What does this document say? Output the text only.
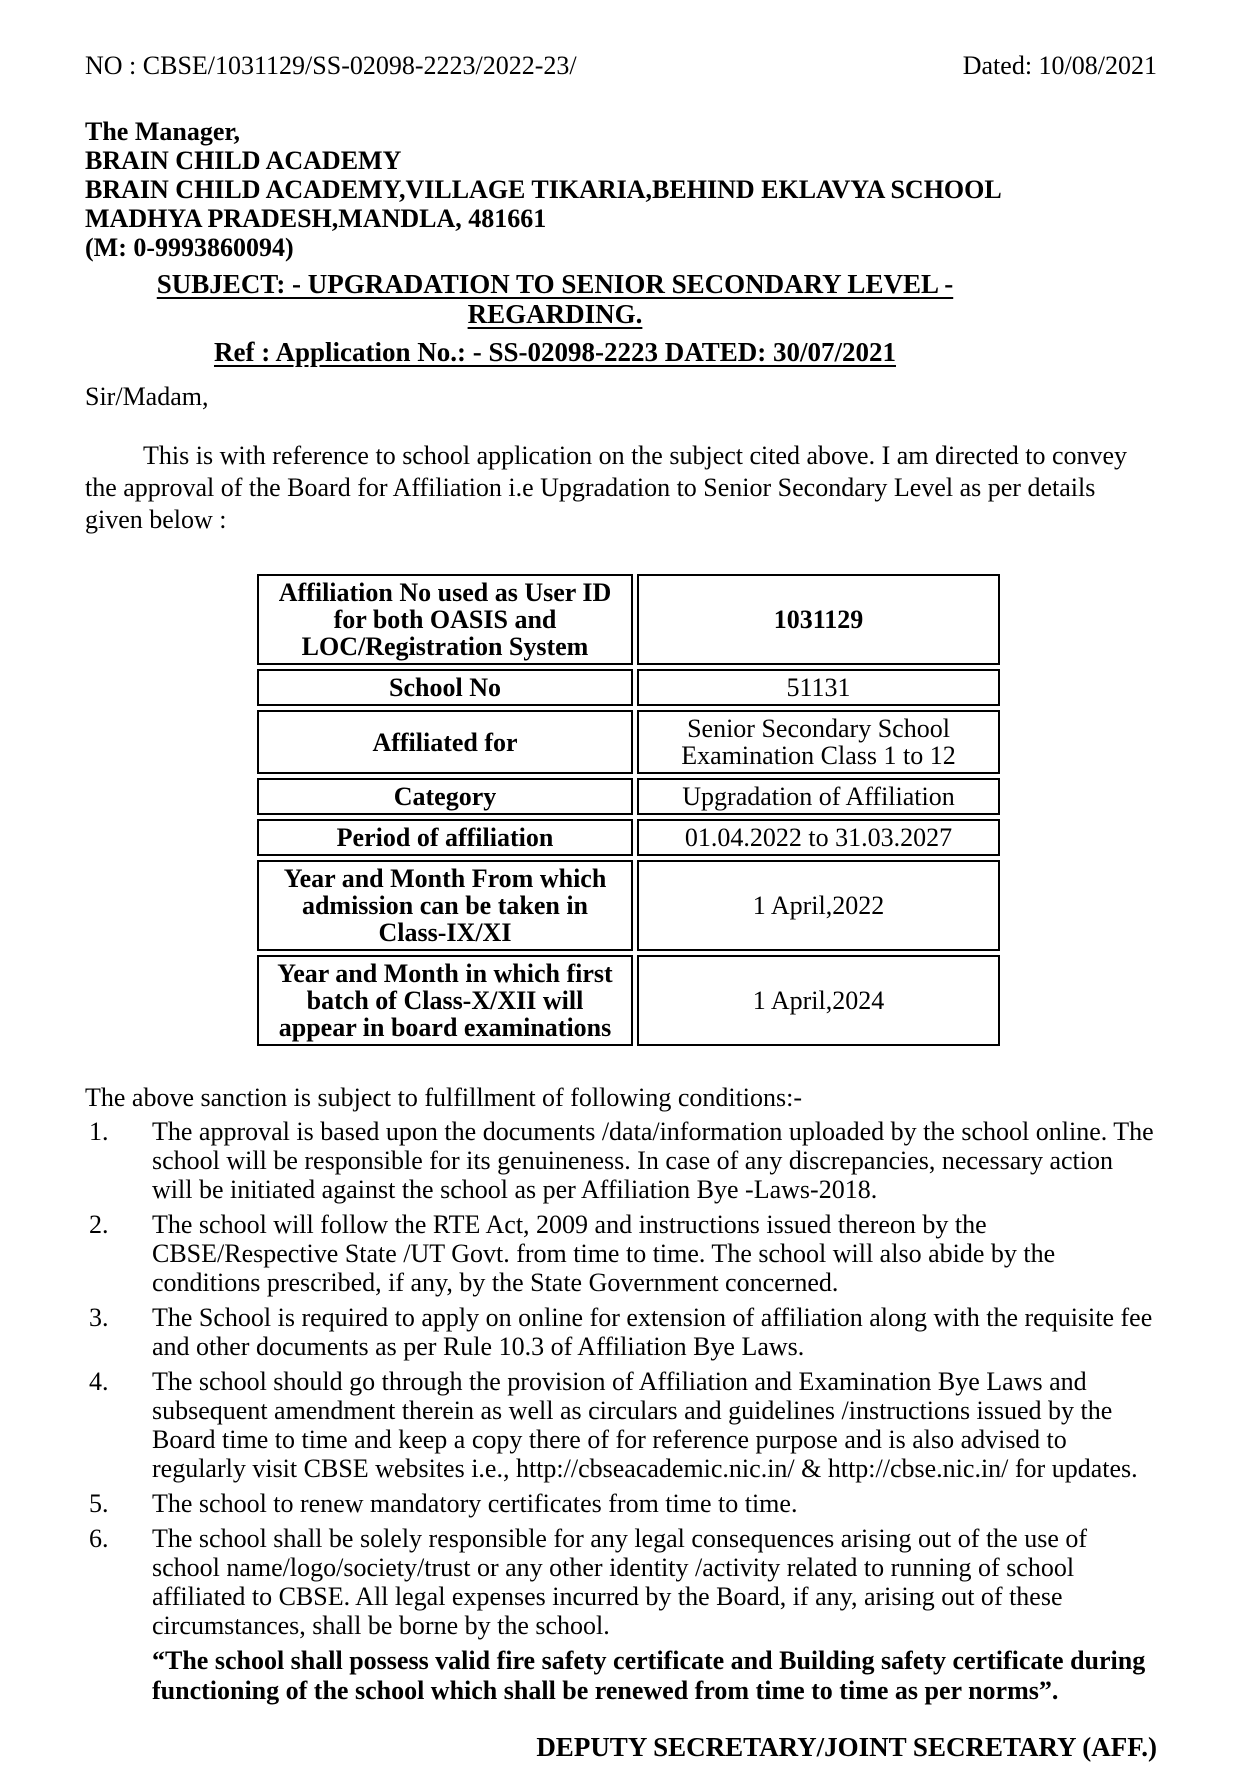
NO : CBSE/1031129/SS-02098-2223/2022-23/	Dated: 10/08/2021
The Manager,
BRAIN CHILD ACADEMY
BRAIN CHILD ACADEMY,VILLAGE TIKARIA,BEHIND EKLAVYA SCHOOL
MADHYA PRADESH,MANDLA, 481661
(M: 0-9993860094)
SUBJECT: - UPGRADATION TO SENIOR SECONDARY LEVEL - REGARDING.
Ref : Application No.: - SS-02098-2223 DATED: 30/07/2021
Sir/Madam,

This is with reference to school application on the subject cited above. I am directed to convey the approval of the Board for Affiliation i.e Upgradation to Senior Secondary Level as per details given below :

Affiliation No used as User ID for both OASIS and LOC/Registration System	1031129
School No	51131
Affiliated for	Senior Secondary School Examination Class 1 to 12
Category	Upgradation of Affiliation
Period of affiliation	01.04.2022 to 31.03.2027
Year and Month From which admission can be taken in Class-IX/XI	1 April,2022
Year and Month in which first batch of Class-X/XII will appear in board examinations	1 April,2024
The above sanction is subject to fulfillment of following conditions:-
1.	The approval is based upon the documents /data/information uploaded by the school online. The school will be responsible for its genuineness. In case of any discrepancies, necessary action will be initiated against the school as per Affiliation Bye -Laws-2018.
2.	The school will follow the RTE Act, 2009 and instructions issued thereon by the CBSE/Respective State /UT Govt. from time to time. The school will also abide by the conditions prescribed, if any, by the State Government concerned.
3.	The School is required to apply on online for extension of affiliation along with the requisite fee and other documents as per Rule 10.3 of Affiliation Bye Laws.
4.	The school should go through the provision of Affiliation and Examination Bye Laws and subsequent amendment therein as well as circulars and guidelines /instructions issued by the Board time to time and keep a copy there of for reference purpose and is also advised to regularly visit CBSE websites i.e., http://cbseacademic.nic.in/ & http://cbse.nic.in/ for updates.
5.	The school to renew mandatory certificates from time to time.
6.	The school shall be solely responsible for any legal consequences arising out of the use of school name/logo/society/trust or any other identity /activity related to running of school affiliated to CBSE. All legal expenses incurred by the Board, if any, arising out of these circumstances, shall be borne by the school.
“The school shall possess valid fire safety certificate and Building safety certificate during functioning of the school which shall be renewed from time to time as per norms”.
DEPUTY SECRETARY/JOINT SECRETARY (AFF.)
